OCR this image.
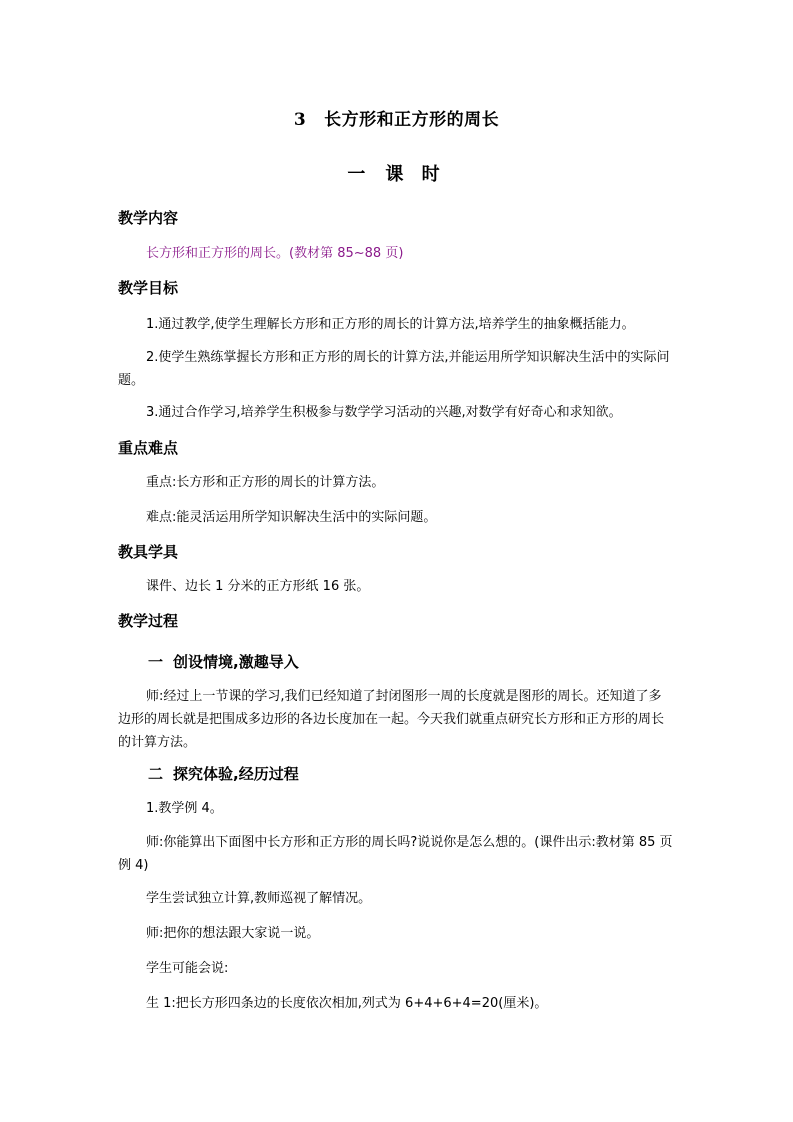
3 长方形和正方形的周长
一 课 时
教学内容
长方形和正方形的周长。(教材第 85~88 页)
教学目标
1.通过教学,使学生理解长方形和正方形的周长的计算方法,培养学生的抽象概括能力。
2.使学生熟练掌握长方形和正方形的周长的计算方法,并能运用所学知识解决生活中的实际问题。
3.通过合作学习,培养学生积极参与数学学习活动的兴趣,对数学有好奇心和求知欲。
重点难点
重点:长方形和正方形的周长的计算方法。
难点:能灵活运用所学知识解决生活中的实际问题。
教具学具
课件、边长 1 分米的正方形纸 16 张。
教学过程
一 创设情境,激趣导入
师:经过上一节课的学习,我们已经知道了封闭图形一周的长度就是图形的周长。还知道了多边形的周长就是把围成多边形的各边长度加在一起。今天我们就重点研究长方形和正方形的周长的计算方法。
二 探究体验,经历过程
1.教学例 4。
师:你能算出下面图中长方形和正方形的周长吗?说说你是怎么想的。(课件出示:教材第 85 页例 4)
学生尝试独立计算,教师巡视了解情况。
师:把你的想法跟大家说一说。
学生可能会说:
生 1:把长方形四条边的长度依次相加,列式为 6+4+6+4=20(厘米)。
